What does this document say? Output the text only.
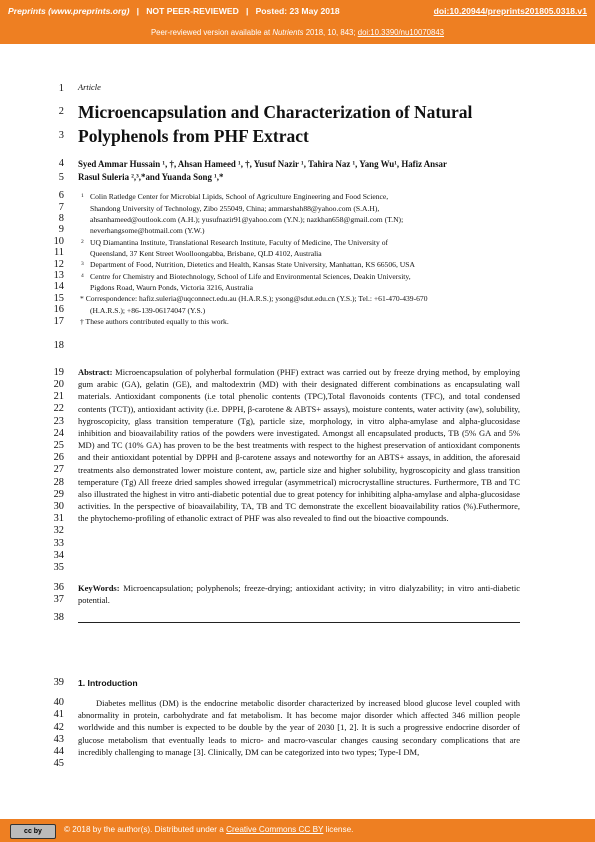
Preprints (www.preprints.org) | NOT PEER-REVIEWED | Posted: 23 May 2018	doi:10.20944/preprints201805.0318.v1
Peer-reviewed version available at Nutrients 2018, 10, 843; doi:10.3390/nu10070843
1
2
3
4
5
6
7
8
9
10
11
12
13
14
15
16
17
18
19
20
21
22
23
24
25
26
27
28
29
30
31
32
33
34
35
36
37
38
39
40
41
42
43
44
45
Article
Microencapsulation and Characterization of Natural
Polyphenols from PHF Extract
Syed Ammar Hussain ¹, †, Ahsan Hameed ¹, †, Yusuf Nazir ¹, Tahira Naz ¹, Yang Wu¹, Hafiz Ansar
Rasul Suleria ²,³,*and Yuanda Song ¹,*
1 Colin Ratledge Center for Microbial Lipids, School of Agriculture Engineering and Food Science,
Shandong University of Technology, Zibo 255049, China; ammarshah88@yahoo.com (S.A.H),
ahsanhameed@outlook.com (A.H.); yusufnazir91@yahoo.com (Y.N.); nazkhan658@gmail.com (T.N);
neverhangsome@hotmail.com (Y.W.)
2 UQ Diamantina Institute, Translational Research Institute, Faculty of Medicine, The University of
Queensland, 37 Kent Street Woolloongabba, Brisbane, QLD 4102, Australia
3 Department of Food, Nutrition, Dietetics and Health, Kansas State University, Manhattan, KS 66506, USA
4 Centre for Chemistry and Biotechnology, School of Life and Environmental Sciences, Deakin University,
Pigdons Road, Waurn Ponds, Victoria 3216, Australia
* Correspondence: hafiz.suleria@uqconnect.edu.au (H.A.R.S.); ysong@sdut.edu.cn (Y.S.); Tel.: +61-470-439-670
(H.A.R.S.); +86-139-06174047 (Y.S.)
† These authors contributed equally to this work.
Abstract: Microencapsulation of polyherbal formulation (PHF) extract was carried out by freeze drying method, by employing gum arabic (GA), gelatin (GE), and maltodextrin (MD) with their designated different combinations as encapsulating wall materials. Antioxidant components (i.e total phenolic contents (TPC),Total flavonoids contents (TFC), and total condensed contents (TCT)), antioxidant activity (i.e. DPPH, β-carotene & ABTS+ assays), moisture contents, water activity (aw), solubility, hygroscopicity, glass transition temperature (Tg), particle size, morphology, in vitro alpha-amylase and alpha-glucosidase inhibition and bioavailability ratios of the powders were investigated. Amongst all encapsulated products, TB (5% GA and 5% MD) and TC (10% GA) has proven to be the best treatments with respect to the highest preservation of antioxidant components and their antioxidant potential by DPPH and β-carotene assays and noteworthy for an ABTS+ assays, in addition, the aforesaid treatments also demonstrated lower moisture content, aw, particle size and higher solubility, hygroscopicity and glass transition temperature (Tg) All freeze dried samples showed irregular (asymmetrical) microcrystalline structures. Furthermore, TB and TC also illustrated the highest in vitro anti-diabetic potential due to great potency for inhibiting alpha-amylase and alpha-glucosidase activities. In the perspective of bioavailability, TA, TB and TC demonstrate the excellent bioavailability ratios (%).Futhermore, the phytochemo-profiling of ethanolic extract of PHF was also revealed to find out the bioactive compounds.
KeyWords: Microencapsulation; polyphenols; freeze-drying; antioxidant activity; in vitro dialyzability; in vitro anti-diabetic potential.
1. Introduction
Diabetes mellitus (DM) is the endocrine metabolic disorder characterized by increased blood glucose level coupled with abnormality in protein, carbohydrate and fat metabolism. It has become major disorder which affected 346 million people worldwide and this number is expected to be double by the year of 2030 [1, 2]. It is such a progressive endocrine disorder of glucose metabolism that eventually leads to micro- and macro-vascular changes causing secondary complications that are incredibly challenging to manage [3]. Clinically, DM can be categorized into two types; Type-I DM,
cc by	© 2018 by the author(s). Distributed under a Creative Commons CC BY license.
